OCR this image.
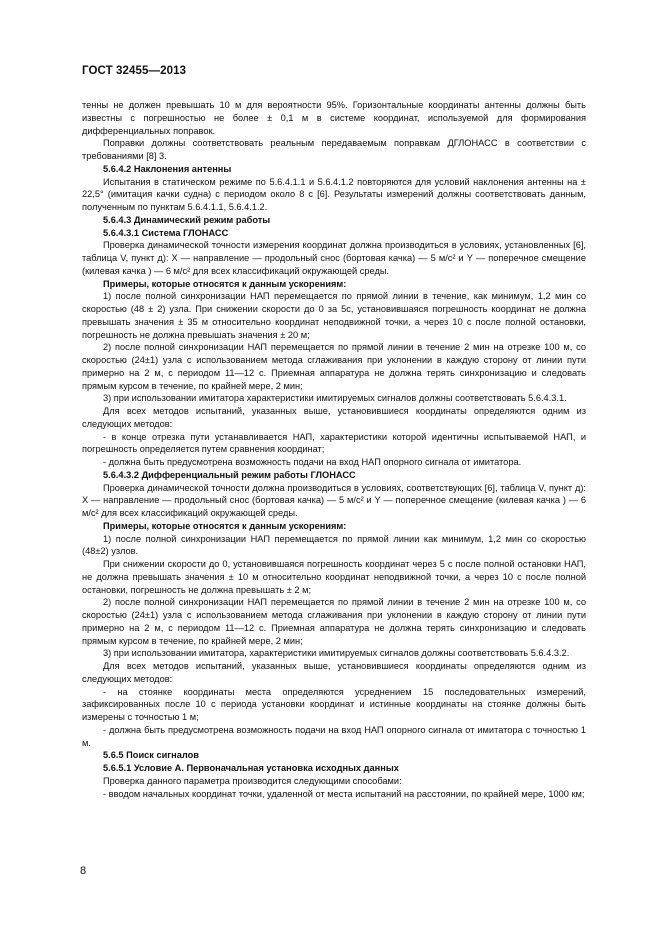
ГОСТ 32455—2013

тенны не должен превышать 10 м для вероятности 95%. Горизонтальные координаты антенны должны быть известны с погрешностью не более ± 0,1 м в системе координат, используемой для формирования дифференциальных поправок.

Поправки должны соответствовать реальным передаваемым поправкам ДГЛОНАСС в соответствии с требованиями [8] 3.

5.6.4.2 Наклонения антенны

Испытания в статическом режиме по 5.6.4.1.1 и 5.6.4.1.2 повторяются для условий наклонения антенны на ± 22,5° (имитация качки судна) с периодом около 8 с [6]. Результаты измерений должны соответствовать данным, полученным по пунктам 5.6.4.1.1, 5.6.4.1.2.

5.6.4.3 Динамический режим работы

5.6.4.3.1 Система ГЛОНАСС

Проверка динамической точности измерения координат должна производиться в условиях, установленных [6], таблица V, пункт д): X — направление — продольный снос (бортовая качка) — 5 м/с² и Y — поперечное смещение (килевая качка ) — 6 м/с² для всех классификаций окружающей среды.

Примеры, которые относятся к данным ускорениям:

1) после полной синхронизации НАП перемещается по прямой линии в течение, как минимум, 1,2 мин со скоростью (48 ± 2) узла. При снижении скорости до 0 за 5с, установившаяся погрешность координат не должна превышать значения ± 35 м относительно координат неподвижной точки, а через 10 с после полной остановки, погрешность не должна превышать значения ± 20 м;

2) после полной синхронизации НАП перемещается по прямой линии в течение 2 мин на отрезке 100 м, со скоростью (24±1) узла с использованием метода сглаживания при уклонении в каждую сторону от линии пути примерно на 2 м, с периодом 11—12 с. Приемная аппаратура не должна терять синхронизацию и следовать прямым курсом в течение, по крайней мере, 2 мин;

3) при использовании имитатора характеристики имитируемых сигналов должны соответствовать 5.6.4.3.1.

Для всех методов испытаний, указанных выше, установившиеся координаты определяются одним из следующих методов:

- в конце отрезка пути устанавливается НАП, характеристики которой идентичны испытываемой НАП, и погрешность определяется путем сравнения координат;

- должна быть предусмотрена возможность подачи на вход НАП опорного сигнала от имитатора.

5.6.4.3.2 Дифференциальный режим работы ГЛОНАСС

Проверка динамической точности должна производиться в условиях, соответствующих [6], таблица V, пункт д): X — направление — продольный снос (бортовая качка) — 5 м/с² и Y — поперечное смещение (килевая качка ) — 6 м/с² для всех классификаций окружающей среды.

Примеры, которые относятся к данным ускорениям:

1) после полной синхронизации НАП перемещается по прямой линии как минимум, 1,2 мин со скоростью (48±2) узлов.

При снижении скорости до 0, установившаяся погрешность координат через 5 с после полной остановки НАП, не должна превышать значения ± 10 м относительно координат неподвижной точки, а через 10 с после полной остановки, погрешность не должна превышать ± 2 м;

2) после полной синхронизации НАП перемещается по прямой линии в течение 2 мин на отрезке 100 м, со скоростью (24±1) узла с использованием метода сглаживания при уклонении в каждую сторону от линии пути примерно на 2 м, с периодом 11—12 с. Приемная аппаратура не должна терять синхронизацию и следовать прямым курсом в течение, по крайней мере, 2 мин;

3) при использовании имитатора, характеристики имитируемых сигналов должны соответствовать 5.6.4.3.2.

Для всех методов испытаний, указанных выше, установившиеся координаты определяются одним из следующих методов:

- на стоянке координаты места определяются усреднением 15 последовательных измерений, зафиксированных после 10 с периода установки координат и истинные координаты на стоянке должны быть измерены с точностью 1 м;

- должна быть предусмотрена возможность подачи на вход НАП опорного сигнала от имитатора с точностью 1 м.

5.6.5 Поиск сигналов

5.6.5.1 Условие А. Первоначальная установка исходных данных

Проверка данного параметра производится следующими способами:

- вводом начальных координат точки, удаленной от места испытаний на расстоянии, по крайней мере, 1000 км;

8
